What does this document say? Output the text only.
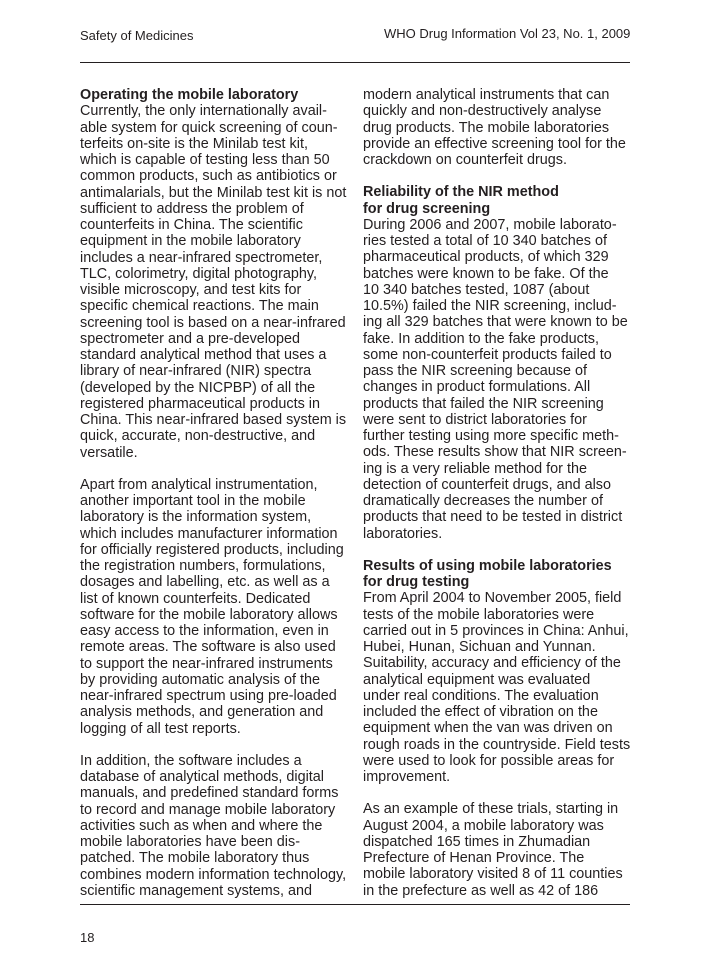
Safety of Medicines	WHO Drug Information Vol 23, No. 1, 2009
Operating the mobile laboratory
Currently, the only internationally avail-
able system for quick screening of coun-
terfeits on-site is the Minilab test kit,
which is capable of testing less than 50
common products, such as antibiotics or
antimalarials, but the Minilab test kit is not
sufficient to address the problem of
counterfeits in China. The scientific
equipment in the mobile laboratory
includes a near-infrared spectrometer,
TLC, colorimetry, digital photography,
visible microscopy, and test kits for
specific chemical reactions. The main
screening tool is based on a near-infrared
spectrometer and a pre-developed
standard analytical method that uses a
library of near-infrared (NIR) spectra
(developed by the NICPBP) of all the
registered pharmaceutical products in
China. This near-infrared based system is
quick, accurate, non-destructive, and
versatile.
Apart from analytical instrumentation,
another important tool in the mobile
laboratory is the information system,
which includes manufacturer information
for officially registered products, including
the registration numbers, formulations,
dosages and labelling, etc. as well as a
list of known counterfeits. Dedicated
software for the mobile laboratory allows
easy access to the information, even in
remote areas. The software is also used
to support the near-infrared instruments
by providing automatic analysis of the
near-infrared spectrum using pre-loaded
analysis methods, and generation and
logging of all test reports.
In addition, the software includes a
database of analytical methods, digital
manuals, and predefined standard forms
to record and manage mobile laboratory
activities such as when and where the
mobile laboratories have been dis-
patched. The mobile laboratory thus
combines modern information technology,
scientific management systems, and
modern analytical instruments that can
quickly and non-destructively analyse
drug products. The mobile laboratories
provide an effective screening tool for the
crackdown on counterfeit drugs.
Reliability of the NIR method
for drug screening
During 2006 and 2007, mobile laborato-
ries tested a total of 10 340 batches of
pharmaceutical products, of which 329
batches were known to be fake. Of the
10 340 batches tested, 1087 (about
10.5%) failed the NIR screening, includ-
ing all 329 batches that were known to be
fake. In addition to the fake products,
some non-counterfeit products failed to
pass the NIR screening because of
changes in product formulations. All
products that failed the NIR screening
were sent to district laboratories for
further testing using more specific meth-
ods. These results show that NIR screen-
ing is a very reliable method for the
detection of counterfeit drugs, and also
dramatically decreases the number of
products that need to be tested in district
laboratories.
Results of using mobile laboratories
for drug testing
From April 2004 to November 2005, field
tests of the mobile laboratories were
carried out in 5 provinces in China: Anhui,
Hubei, Hunan, Sichuan and Yunnan.
Suitability, accuracy and efficiency of the
analytical equipment was evaluated
under real conditions. The evaluation
included the effect of vibration on the
equipment when the van was driven on
rough roads in the countryside. Field tests
were used to look for possible areas for
improvement.
As an example of these trials, starting in
August 2004, a mobile laboratory was
dispatched 165 times in Zhumadian
Prefecture of Henan Province. The
mobile laboratory visited 8 of 11 counties
in the prefecture as well as 42 of 186
18
